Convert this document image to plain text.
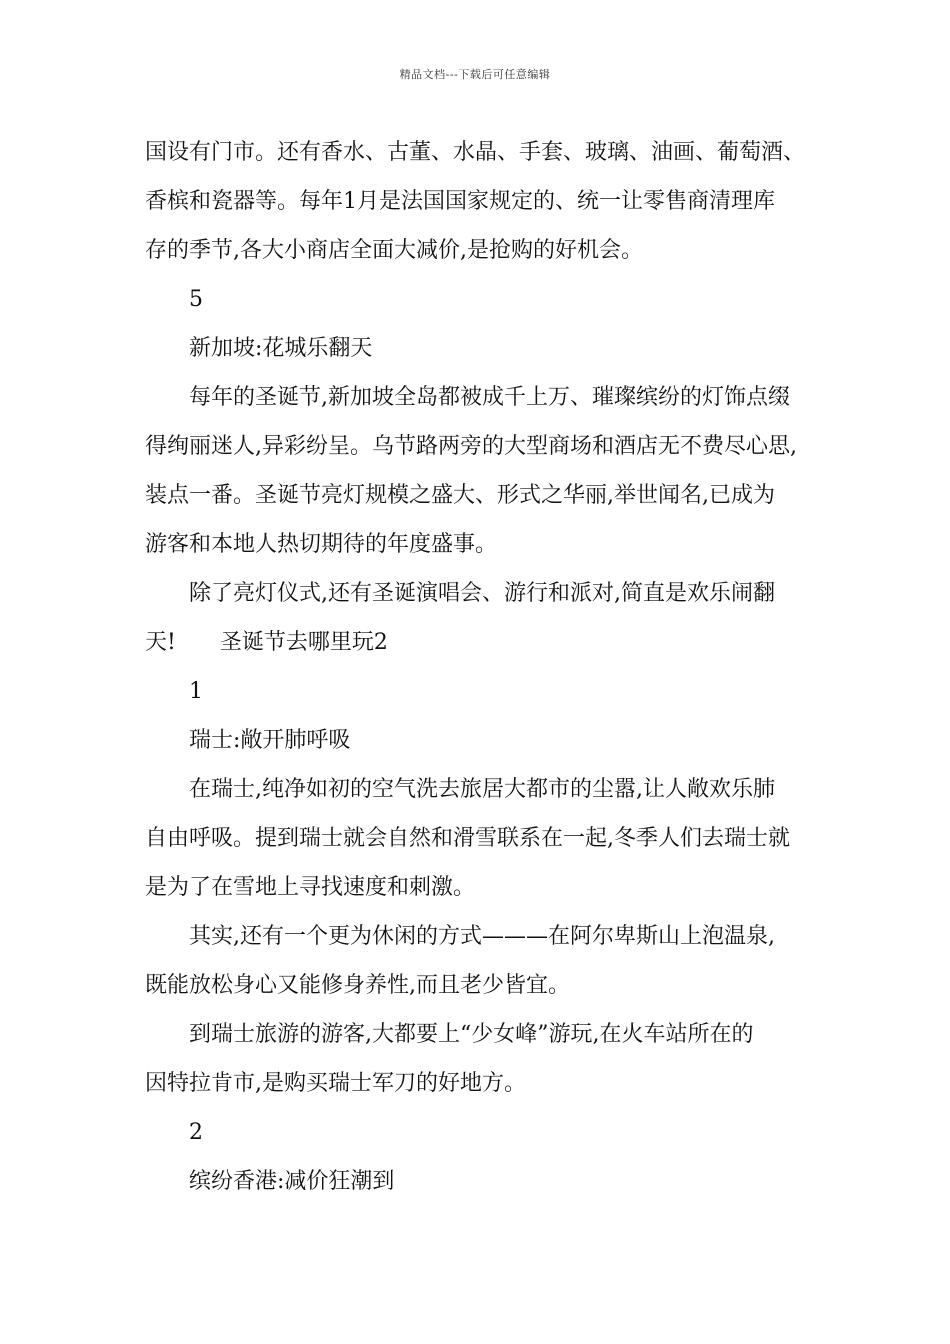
精品文档---下载后可任意编辑

国设有门市。还有香水、古董、水晶、手套、玻璃、油画、葡萄酒、

香槟和瓷器等。每年1月是法国国家规定的、统一让零售商清理库

存的季节,各大小商店全面大减价,是抢购的好机会。

5

新加坡:花城乐翻天

每年的圣诞节,新加坡全岛都被成千上万、璀璨缤纷的灯饰点缀

得绚丽迷人,异彩纷呈。乌节路两旁的大型商场和酒店无不费尽心思,

装点一番。圣诞节亮灯规模之盛大、形式之华丽,举世闻名,已成为

游客和本地人热切期待的年度盛事。

除了亮灯仪式,还有圣诞演唱会、游行和派对,简直是欢乐闹翻

天!　　圣诞节去哪里玩2

1

瑞士:敞开肺呼吸

在瑞士,纯净如初的空气洗去旅居大都市的尘嚣,让人敞欢乐肺

自由呼吸。提到瑞士就会自然和滑雪联系在一起,冬季人们去瑞士就

是为了在雪地上寻找速度和刺激。

其实,还有一个更为休闲的方式———在阿尔卑斯山上泡温泉,

既能放松身心又能修身养性,而且老少皆宜。

到瑞士旅游的游客,大都要上“少女峰”游玩,在火车站所在的

因特拉肯市,是购买瑞士军刀的好地方。

2

缤纷香港:减价狂潮到
